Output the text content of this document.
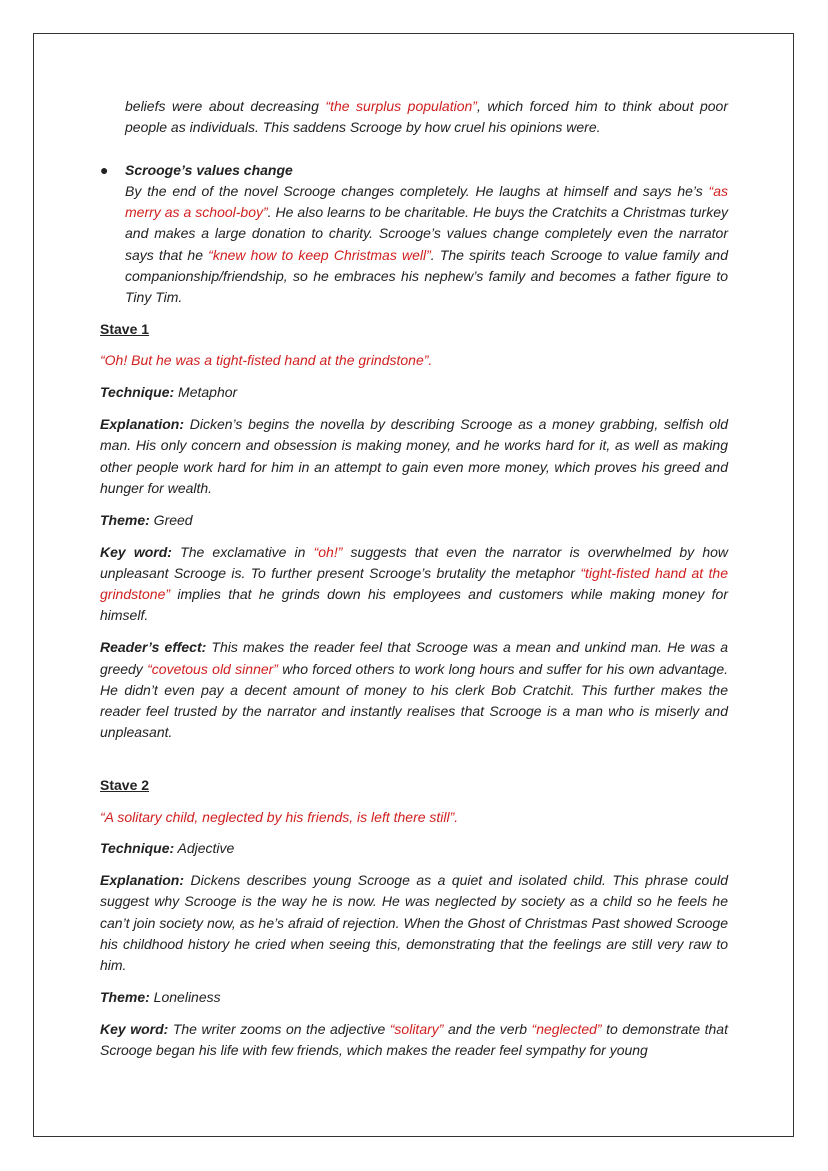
beliefs were about decreasing “the surplus population”, which forced him to think about poor people as individuals. This saddens Scrooge by how cruel his opinions were.

● Scrooge’s values change

By the end of the novel Scrooge changes completely. He laughs at himself and says he’s “as merry as a school-boy”. He also learns to be charitable. He buys the Cratchits a Christmas turkey and makes a large donation to charity. Scrooge’s values change completely even the narrator says that he “knew how to keep Christmas well”. The spirits teach Scrooge to value family and companionship/friendship, so he embraces his nephew’s family and becomes a father figure to Tiny Tim.

Stave 1

“Oh! But he was a tight-fisted hand at the grindstone”.

Technique: Metaphor

Explanation: Dicken’s begins the novella by describing Scrooge as a money grabbing, selfish old man. His only concern and obsession is making money, and he works hard for it, as well as making other people work hard for him in an attempt to gain even more money, which proves his greed and hunger for wealth.

Theme: Greed

Key word: The exclamative in “oh!” suggests that even the narrator is overwhelmed by how unpleasant Scrooge is. To further present Scrooge’s brutality the metaphor “tight-fisted hand at the grindstone” implies that he grinds down his employees and customers while making money for himself.

Reader’s effect: This makes the reader feel that Scrooge was a mean and unkind man. He was a greedy “covetous old sinner” who forced others to work long hours and suffer for his own advantage. He didn’t even pay a decent amount of money to his clerk Bob Cratchit. This further makes the reader feel trusted by the narrator and instantly realises that Scrooge is a man who is miserly and unpleasant.

Stave 2

“A solitary child, neglected by his friends, is left there still”.

Technique: Adjective

Explanation: Dickens describes young Scrooge as a quiet and isolated child. This phrase could suggest why Scrooge is the way he is now. He was neglected by society as a child so he feels he can’t join society now, as he’s afraid of rejection. When the Ghost of Christmas Past showed Scrooge his childhood history he cried when seeing this, demonstrating that the feelings are still very raw to him.

Theme: Loneliness

Key word: The writer zooms on the adjective “solitary” and the verb “neglected” to demonstrate that Scrooge began his life with few friends, which makes the reader feel sympathy for young
